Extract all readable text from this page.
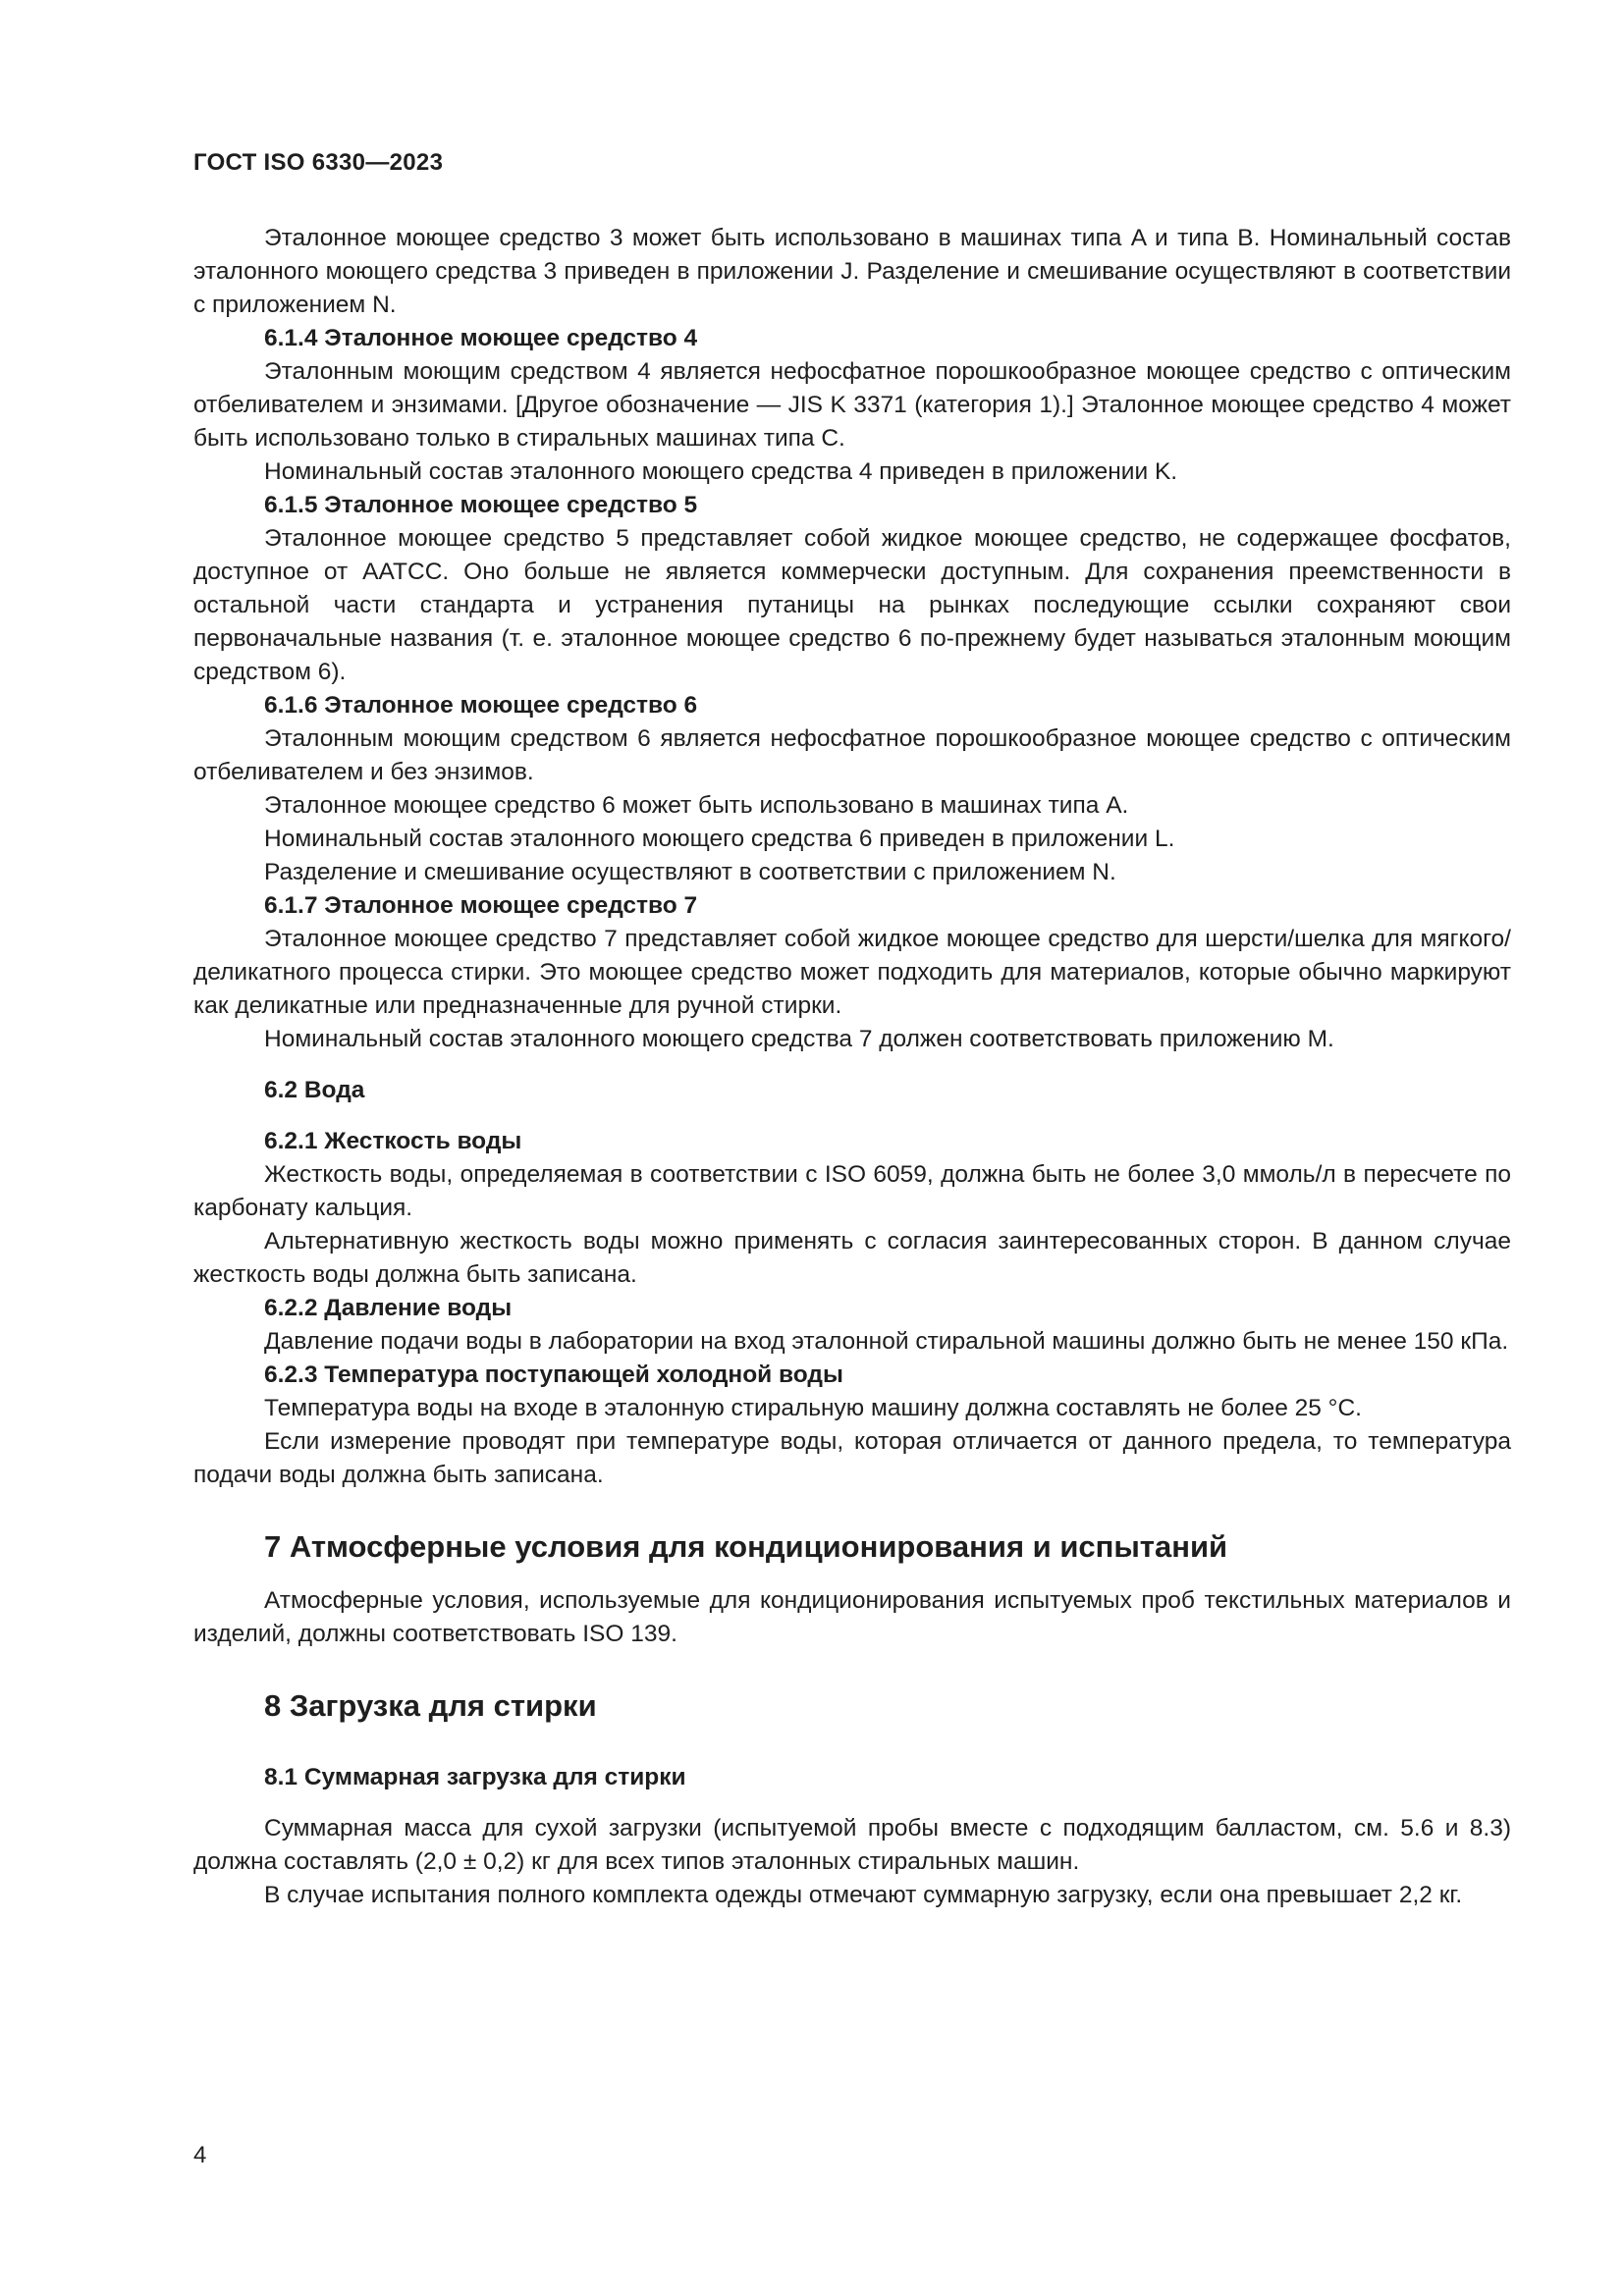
ГОСТ ISO 6330—2023

Эталонное моющее средство 3 может быть использовано в машинах типа A и типа B. Номинальный состав эталонного моющего средства 3 приведен в приложении J. Разделение и смешивание осуществляют в соответствии с приложением N.

6.1.4 Эталонное моющее средство 4

Эталонным моющим средством 4 является нефосфатное порошкообразное моющее средство с оптическим отбеливателем и энзимами. [Другое обозначение — JIS K 3371 (категория 1).] Эталонное моющее средство 4 может быть использовано только в стиральных машинах типа C.

Номинальный состав эталонного моющего средства 4 приведен в приложении K.

6.1.5 Эталонное моющее средство 5

Эталонное моющее средство 5 представляет собой жидкое моющее средство, не содержащее фосфатов, доступное от AATCC. Оно больше не является коммерчески доступным. Для сохранения преемственности в остальной части стандарта и устранения путаницы на рынках последующие ссылки сохраняют свои первоначальные названия (т. е. эталонное моющее средство 6 по-прежнему будет называться эталонным моющим средством 6).

6.1.6 Эталонное моющее средство 6

Эталонным моющим средством 6 является нефосфатное порошкообразное моющее средство с оптическим отбеливателем и без энзимов.

Эталонное моющее средство 6 может быть использовано в машинах типа A.

Номинальный состав эталонного моющего средства 6 приведен в приложении L.

Разделение и смешивание осуществляют в соответствии с приложением N.

6.1.7 Эталонное моющее средство 7

Эталонное моющее средство 7 представляет собой жидкое моющее средство для шерсти/шелка для мягкого/деликатного процесса стирки. Это моющее средство может подходить для материалов, которые обычно маркируют как деликатные или предназначенные для ручной стирки.

Номинальный состав эталонного моющего средства 7 должен соответствовать приложению M.

6.2 Вода

6.2.1 Жесткость воды

Жесткость воды, определяемая в соответствии с ISO 6059, должна быть не более 3,0 ммоль/л в пересчете по карбонату кальция.

Альтернативную жесткость воды можно применять с согласия заинтересованных сторон. В данном случае жесткость воды должна быть записана.

6.2.2 Давление воды

Давление подачи воды в лаборатории на вход эталонной стиральной машины должно быть не менее 150 кПа.

6.2.3 Температура поступающей холодной воды

Температура воды на входе в эталонную стиральную машину должна составлять не более 25 °C.

Если измерение проводят при температуре воды, которая отличается от данного предела, то температура подачи воды должна быть записана.

7 Атмосферные условия для кондиционирования и испытаний

Атмосферные условия, используемые для кондиционирования испытуемых проб текстильных материалов и изделий, должны соответствовать ISO 139.

8 Загрузка для стирки

8.1 Суммарная загрузка для стирки

Суммарная масса для сухой загрузки (испытуемой пробы вместе с подходящим балластом, см. 5.6 и 8.3) должна составлять (2,0 ± 0,2) кг для всех типов эталонных стиральных машин.

В случае испытания полного комплекта одежды отмечают суммарную загрузку, если она превышает 2,2 кг.

4
